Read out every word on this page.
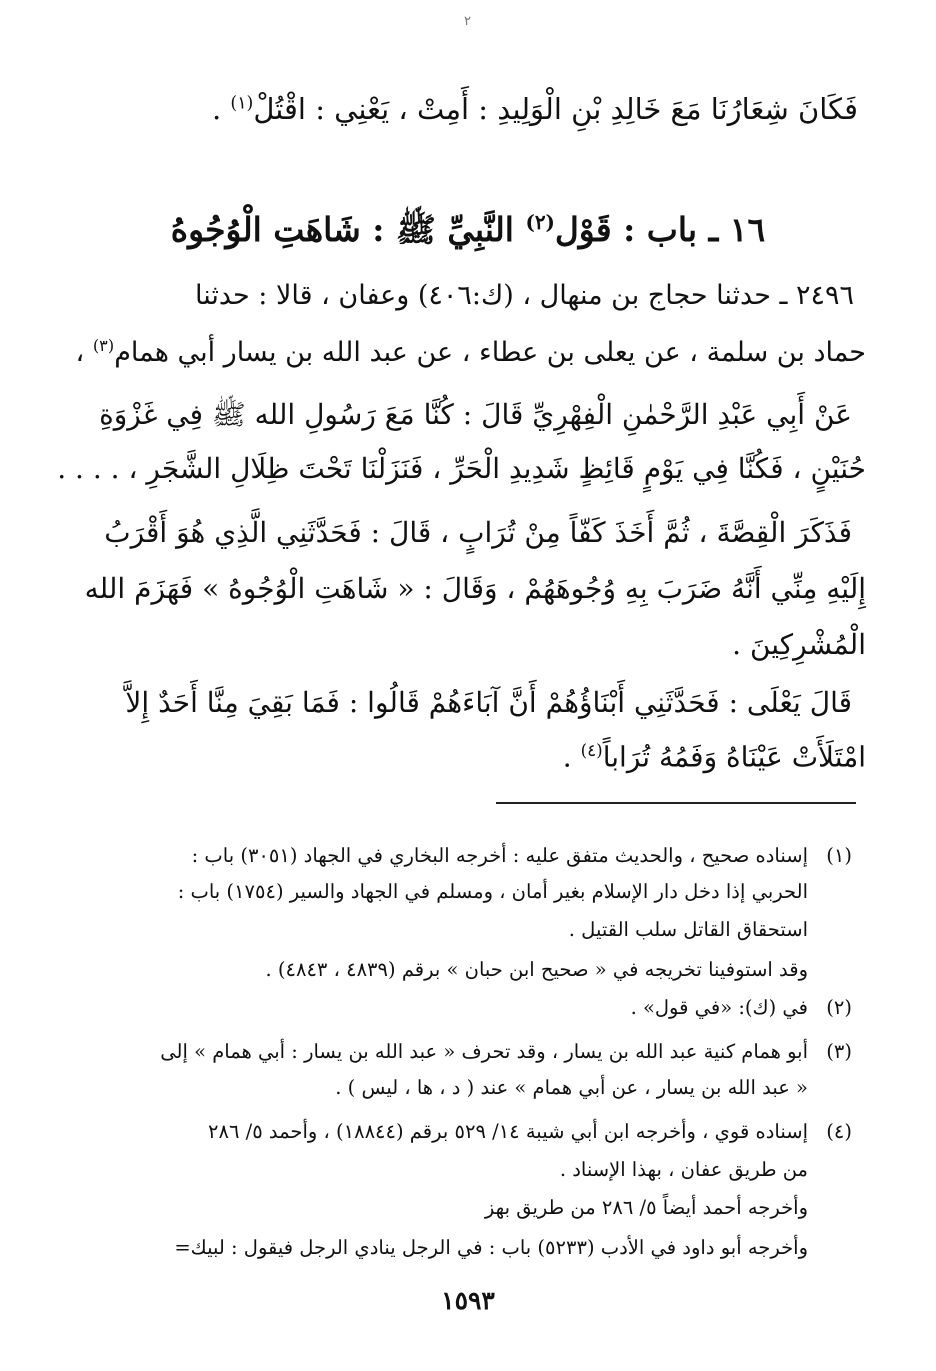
٢
فَكَانَ شِعَارُنَا مَعَ خَالِدِ بْنِ الْوَلِيدِ : أَمِتْ ، يَعْنِي : اقْتُلْ$^{(١)}$ .
١٦ ـ باب : قَوْل$^{(٢)}$ النَّبِيِّ ﷺ : شَاهَتِ الْوُجُوهُ
٢٤٩٦ ـ حدثنا حجاج بن منهال ، (ك:٤٠٦) وعفان ، قالا : حدثنا
حماد بن سلمة ، عن يعلى بن عطاء ، عن عبد الله بن يسار أبي همام$^{(٣)}$ ،
عَنْ أَبِي عَبْدِ الرَّحْمٰنِ الْفِهْرِيِّ قَالَ : كُنَّا مَعَ رَسُولِ الله ﷺ فِي غَزْوَةِ
حُنَيْنٍ ، فَكُنَّا فِي يَوْمٍ قَائِظٍ شَدِيدِ الْحَرِّ ، فَنَزَلْنَا تَحْتَ ظِلَالِ الشَّجَرِ ، . . . .
فَذَكَرَ الْقِصَّةَ ، ثُمَّ أَخَذَ كَفّاً مِنْ تُرَابٍ ، قَالَ : فَحَدَّثَنِي الَّذِي هُوَ أَقْرَبُ
إِلَيْهِ مِنِّي أَنَّهُ ضَرَبَ بِهِ وُجُوهَهُمْ ، وَقَالَ : « شَاهَتِ الْوُجُوهُ » فَهَزَمَ الله
الْمُشْرِكِينَ .
قَالَ يَعْلَى : فَحَدَّثَنِي أَبْنَاؤُهُمْ أَنَّ آبَاءَهُمْ قَالُوا : فَمَا بَقِيَ مِنَّا أَحَدٌ إِلاَّ
امْتَلَأَتْ عَيْنَاهُ وَفَمُهُ تُرَاباً$^{(٤)}$ .
(١)
إسناده صحيح ، والحديث متفق عليه : أخرجه البخاري في الجهاد (٣٠٥١) باب :
الحربي إذا دخل دار الإسلام بغير أمان ، ومسلم في الجهاد والسير (١٧٥٤) باب :
استحقاق القاتل سلب القتيل .
وقد استوفينا تخريجه في « صحيح ابن حبان » برقم (٤٨٣٩ ، ٤٨٤٣) .
(٢)
في (ك): «في قول» .
(٣)
أبو همام كنية عبد الله بن يسار ، وقد تحرف « عبد الله بن يسار : أبي همام » إلى
« عبد الله بن يسار ، عن أبي همام » عند ( د ، ها ، ليس ) .
(٤)
إسناده قوي ، وأخرجه ابن أبي شيبة ١٤/ ٥٢٩ برقم (١٨٨٤٤) ، وأحمد ٥/ ٢٨٦
من طريق عفان ، بهذا الإسناد .
وأخرجه أحمد أيضاً ٥/ ٢٨٦ من طريق بهز
وأخرجه أبو داود في الأدب (٥٢٣٣) باب : في الرجل ينادي الرجل فيقول : لبيك=
١٥٩٣
